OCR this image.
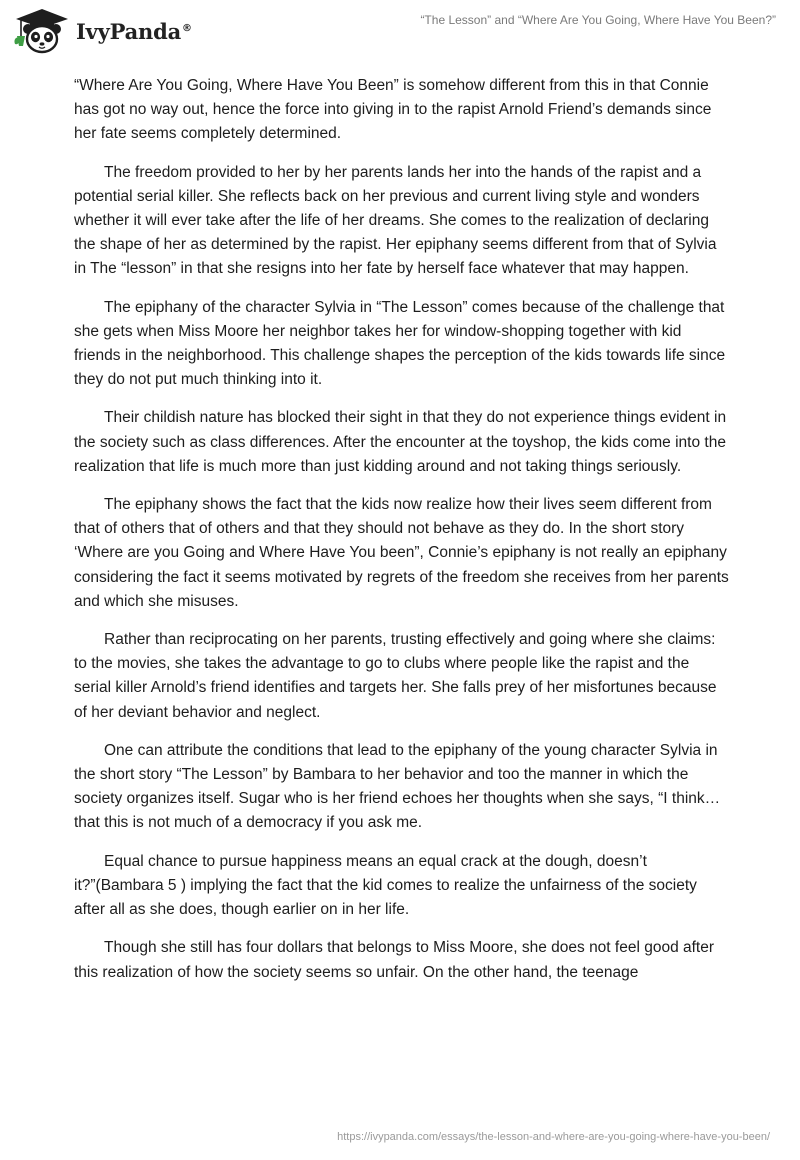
IvyPanda®
“The Lesson” and “Where Are You Going, Where Have You Been?”

“Where Are You Going, Where Have You Been” is somehow different from this in that Connie has got no way out, hence the force into giving in to the rapist Arnold Friend’s demands since her fate seems completely determined.

The freedom provided to her by her parents lands her into the hands of the rapist and a potential serial killer. She reflects back on her previous and current living style and wonders whether it will ever take after the life of her dreams. She comes to the realization of declaring the shape of her as determined by the rapist. Her epiphany seems different from that of Sylvia in The “lesson” in that she resigns into her fate by herself face whatever that may happen.

The epiphany of the character Sylvia in “The Lesson” comes because of the challenge that she gets when Miss Moore her neighbor takes her for window-shopping together with kid friends in the neighborhood. This challenge shapes the perception of the kids towards life since they do not put much thinking into it.

Their childish nature has blocked their sight in that they do not experience things evident in the society such as class differences. After the encounter at the toyshop, the kids come into the realization that life is much more than just kidding around and not taking things seriously.

The epiphany shows the fact that the kids now realize how their lives seem different from that of others that of others and that they should not behave as they do. In the short story ‘Where are you Going and Where Have You been”, Connie’s epiphany is not really an epiphany considering the fact it seems motivated by regrets of the freedom she receives from her parents and which she misuses.

Rather than reciprocating on her parents, trusting effectively and going where she claims: to the movies, she takes the advantage to go to clubs where people like the rapist and the serial killer Arnold’s friend identifies and targets her. She falls prey of her misfortunes because of her deviant behavior and neglect.

One can attribute the conditions that lead to the epiphany of the young character Sylvia in the short story “The Lesson” by Bambara to her behavior and too the manner in which the society organizes itself. Sugar who is her friend echoes her thoughts when she says, “I think… that this is not much of a democracy if you ask me.

Equal chance to pursue happiness means an equal crack at the dough, doesn’t it?”(Bambara 5 ) implying the fact that the kid comes to realize the unfairness of the society after all as she does, though earlier on in her life.

Though she still has four dollars that belongs to Miss Moore, she does not feel good after this realization of how the society seems so unfair. On the other hand, the teenage

https://ivypanda.com/essays/the-lesson-and-where-are-you-going-where-have-you-been/
